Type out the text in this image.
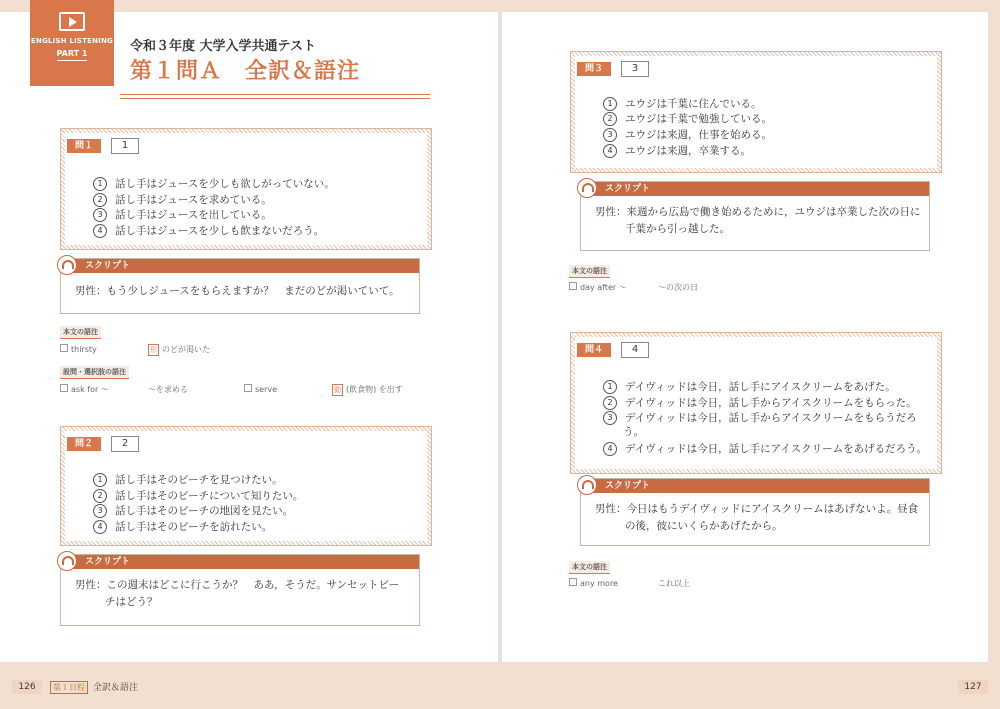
ENGLISH LISTENING
PART 1	令和３年度 大学入学共通テスト
第１問Ａ　全訳＆語注
問１	1
1 話し手はジュースを少しも欲しがっていない。
2 話し手はジュースを求めている。
3 話し手はジュースを出している。
4 話し手はジュースを少しも飲まないだろう。
スクリプト
男性：もう少しジュースをもらえますか？　まだのどが渇いていて。
本文の語注
thirsty	形 のどが渇いた
設問・選択肢の語注
ask for ～	～を求める	serve	動 (飲食物) を出す
問２	2
1 話し手はそのビーチを見つけたい。
2 話し手はそのビーチについて知りたい。
3 話し手はそのビーチの地図を見たい。
4 話し手はそのビーチを訪れたい。
スクリプト
男性：この週末はどこに行こうか？　ああ，そうだ。サンセットビー
チはどう？
問３	3
1 ユウジは千葉に住んでいる。
2 ユウジは千葉で勉強している。
3 ユウジは来週，仕事を始める。
4 ユウジは来週，卒業する。
スクリプト
男性：来週から広島で働き始めるために，ユウジは卒業した次の日に
千葉から引っ越した。
本文の語注
day after ～	～の次の日
問４	4
1 デイヴィッドは今日，話し手にアイスクリームをあげた。
2 デイヴィッドは今日，話し手からアイスクリームをもらった。
3 デイヴィッドは今日，話し手からアイスクリームをもらうだろ
う。
4 デイヴィッドは今日，話し手にアイスクリームをあげるだろう。
スクリプト
男性：今日はもうデイヴィッドにアイスクリームはあげないよ。昼食
の後，彼にいくらかあげたから。
本文の語注
any more	これ以上
126	第１日程 全訳＆語注	127
